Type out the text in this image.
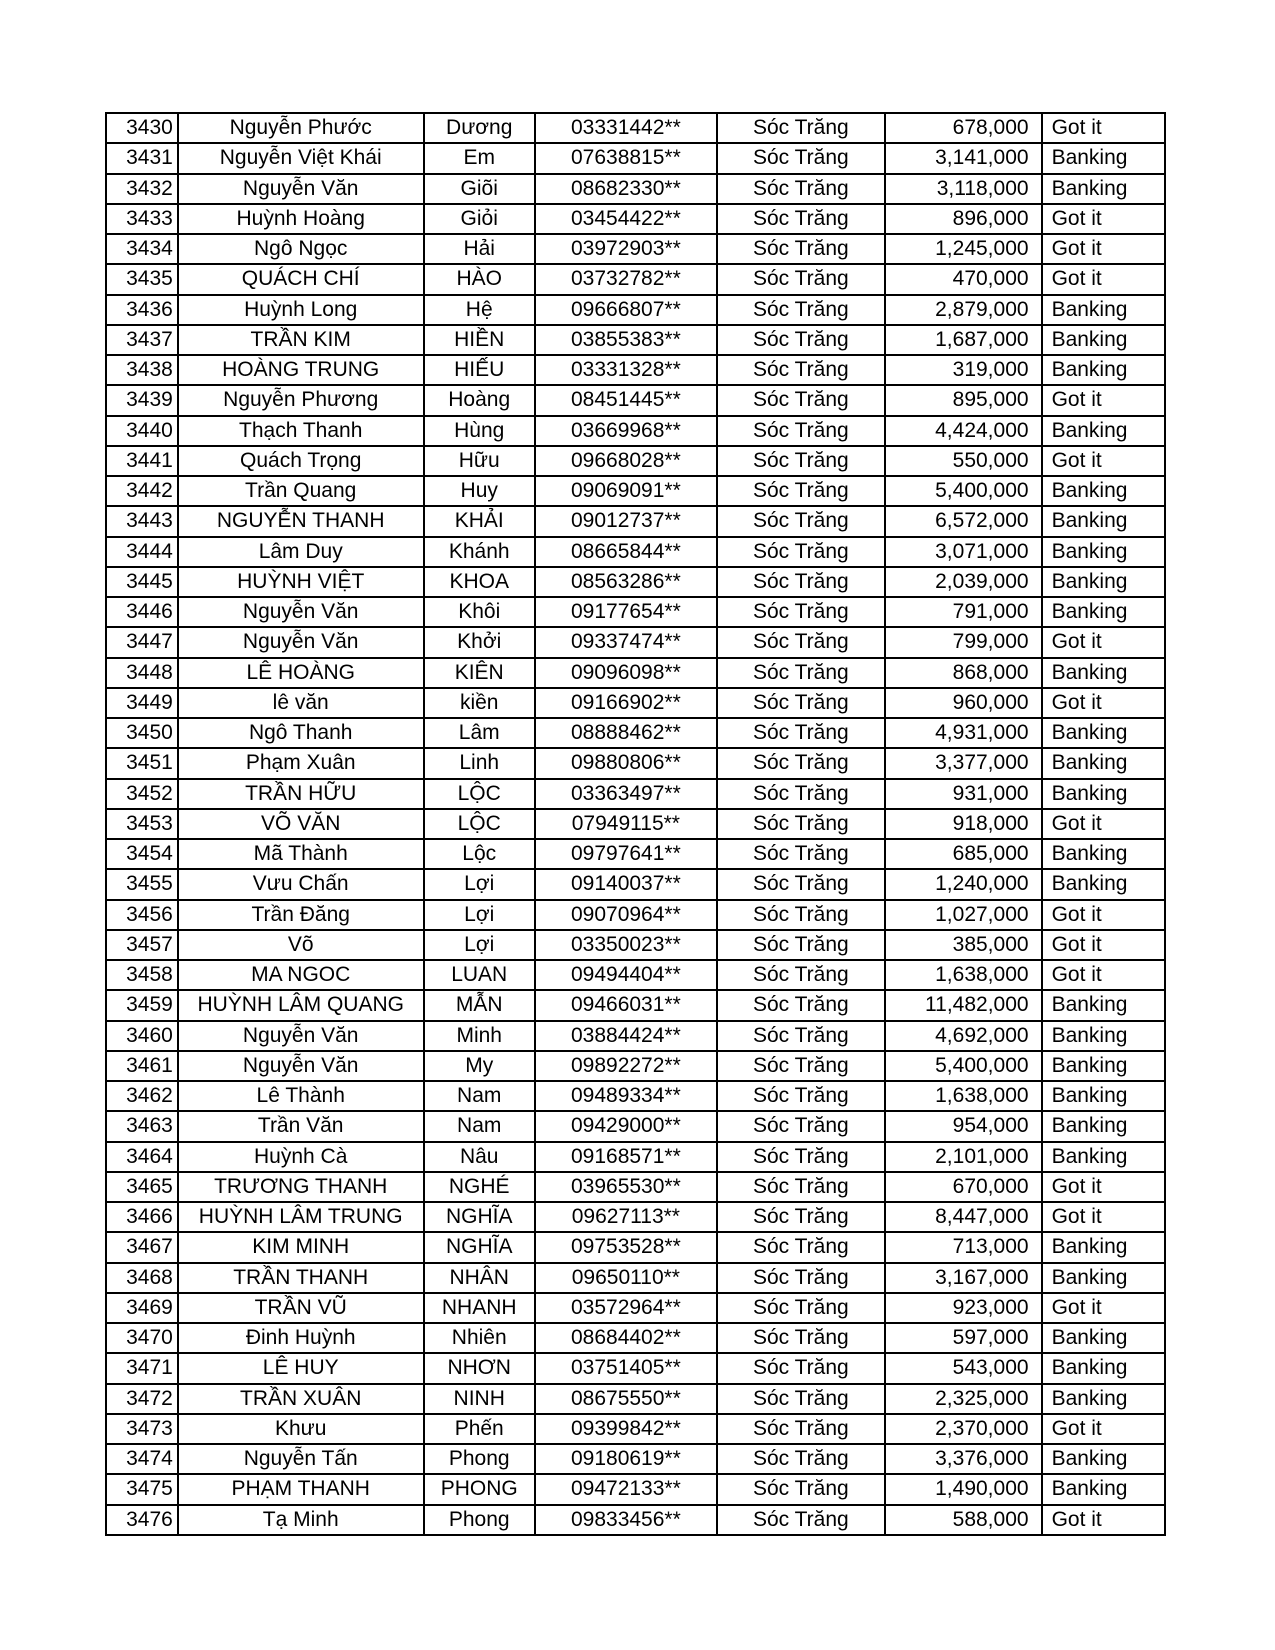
3430	Nguyễn Phước	Dương	03331442**	Sóc Trăng	678,000	Got it
3431	Nguyễn Việt Khái	Em	07638815**	Sóc Trăng	3,141,000	Banking
3432	Nguyễn Văn	Giõi	08682330**	Sóc Trăng	3,118,000	Banking
3433	Huỳnh Hoàng	Giỏi	03454422**	Sóc Trăng	896,000	Got it
3434	Ngô Ngọc	Hải	03972903**	Sóc Trăng	1,245,000	Got it
3435	QUÁCH CHÍ	HÀO	03732782**	Sóc Trăng	470,000	Got it
3436	Huỳnh Long	Hệ	09666807**	Sóc Trăng	2,879,000	Banking
3437	TRẦN KIM	HIỀN	03855383**	Sóc Trăng	1,687,000	Banking
3438	HOÀNG TRUNG	HIẾU	03331328**	Sóc Trăng	319,000	Banking
3439	Nguyễn Phương	Hoàng	08451445**	Sóc Trăng	895,000	Got it
3440	Thạch Thanh	Hùng	03669968**	Sóc Trăng	4,424,000	Banking
3441	Quách Trọng	Hữu	09668028**	Sóc Trăng	550,000	Got it
3442	Trần Quang	Huy	09069091**	Sóc Trăng	5,400,000	Banking
3443	NGUYỄN THANH	KHẢI	09012737**	Sóc Trăng	6,572,000	Banking
3444	Lâm Duy	Khánh	08665844**	Sóc Trăng	3,071,000	Banking
3445	HUỲNH VIỆT	KHOA	08563286**	Sóc Trăng	2,039,000	Banking
3446	Nguyễn Văn	Khôi	09177654**	Sóc Trăng	791,000	Banking
3447	Nguyễn Văn	Khởi	09337474**	Sóc Trăng	799,000	Got it
3448	LÊ HOÀNG	KIÊN	09096098**	Sóc Trăng	868,000	Banking
3449	lê văn	kiền	09166902**	Sóc Trăng	960,000	Got it
3450	Ngô Thanh	Lâm	08888462**	Sóc Trăng	4,931,000	Banking
3451	Phạm Xuân	Linh	09880806**	Sóc Trăng	3,377,000	Banking
3452	TRẦN HỮU	LỘC	03363497**	Sóc Trăng	931,000	Banking
3453	VÕ VĂN	LỘC	07949115**	Sóc Trăng	918,000	Got it
3454	Mã Thành	Lộc	09797641**	Sóc Trăng	685,000	Banking
3455	Vưu Chấn	Lợi	09140037**	Sóc Trăng	1,240,000	Banking
3456	Trần Đăng	Lợi	09070964**	Sóc Trăng	1,027,000	Got it
3457	Võ	Lợi	03350023**	Sóc Trăng	385,000	Got it
3458	MA NGOC	LUAN	09494404**	Sóc Trăng	1,638,000	Got it
3459	HUỲNH LÂM QUANG	MẪN	09466031**	Sóc Trăng	11,482,000	Banking
3460	Nguyễn Văn	Minh	03884424**	Sóc Trăng	4,692,000	Banking
3461	Nguyễn Văn	My	09892272**	Sóc Trăng	5,400,000	Banking
3462	Lê Thành	Nam	09489334**	Sóc Trăng	1,638,000	Banking
3463	Trần Văn	Nam	09429000**	Sóc Trăng	954,000	Banking
3464	Huỳnh Cà	Nâu	09168571**	Sóc Trăng	2,101,000	Banking
3465	TRƯƠNG THANH	NGHÉ	03965530**	Sóc Trăng	670,000	Got it
3466	HUỲNH LÂM TRUNG	NGHĨA	09627113**	Sóc Trăng	8,447,000	Got it
3467	KIM MINH	NGHĨA	09753528**	Sóc Trăng	713,000	Banking
3468	TRẦN THANH	NHÂN	09650110**	Sóc Trăng	3,167,000	Banking
3469	TRẦN VŨ	NHANH	03572964**	Sóc Trăng	923,000	Got it
3470	Đinh Huỳnh	Nhiên	08684402**	Sóc Trăng	597,000	Banking
3471	LÊ HUY	NHƠN	03751405**	Sóc Trăng	543,000	Banking
3472	TRẦN XUÂN	NINH	08675550**	Sóc Trăng	2,325,000	Banking
3473	Khưu	Phến	09399842**	Sóc Trăng	2,370,000	Got it
3474	Nguyễn Tấn	Phong	09180619**	Sóc Trăng	3,376,000	Banking
3475	PHẠM THANH	PHONG	09472133**	Sóc Trăng	1,490,000	Banking
3476	Tạ Minh	Phong	09833456**	Sóc Trăng	588,000	Got it
